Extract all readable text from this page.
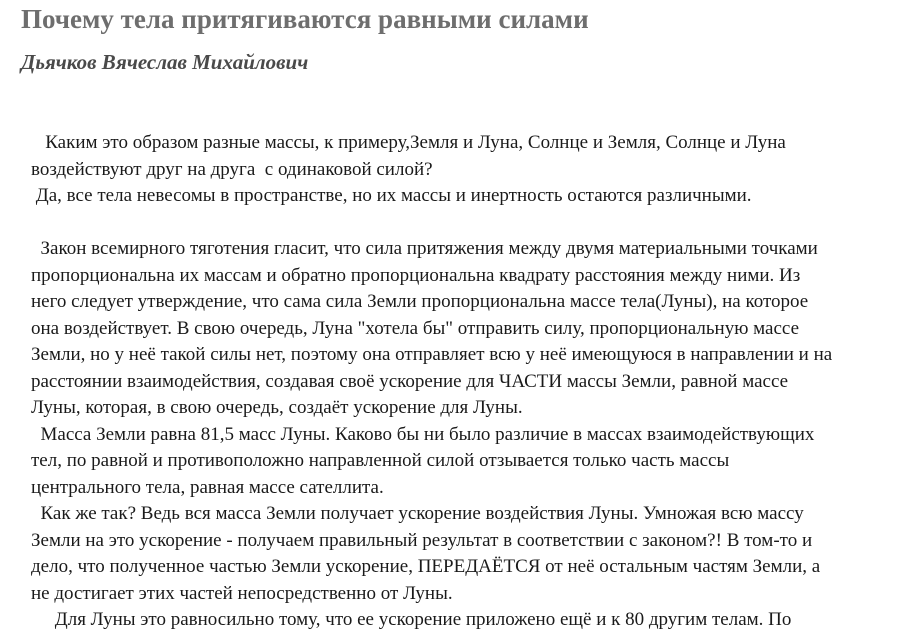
Почему тела притягиваются равными силами
Дьячков Вячеслав Михайлович
Каким это образом разные массы, к примеру,Земля и Луна, Солнце и Земля, Солнце и Луна
воздействуют друг на друга  с одинаковой силой?
Да, все тела невесомы в пространстве, но их массы и инертность остаются различными.
Закон всемирного тяготения гласит, что сила притяжения между двумя материальными точками
пропорциональна их массам и обратно пропорциональна квадрату расстояния между ними. Из
него следует утверждение, что сама сила Земли пропорциональна массе тела(Луны), на которое
она воздействует. В свою очередь, Луна "хотела бы" отправить силу, пропорциональную массе
Земли, но у неё такой силы нет, поэтому она отправляет всю у неё имеющуюся в направлении и на
расстоянии взаимодействия, создавая своё ускорение для ЧАСТИ массы Земли, равной массе
Луны, которая, в свою очередь, создаёт ускорение для Луны.
Масса Земли равна 81,5 масс Луны. Каково бы ни было различие в массах взаимодействующих
тел, по равной и противоположно направленной силой отзывается только часть массы
центрального тела, равная массе сателлита.
Как же так? Ведь вся масса Земли получает ускорение воздействия Луны. Умножая всю массу
Земли на это ускорение - получаем правильный результат в соответствии с законом?! В том-то и
дело, что полученное частью Земли ускорение, ПЕРЕДАЁТСЯ от неё остальным частям Земли, а
не достигает этих частей непосредственно от Луны.
Для Луны это равносильно тому, что ее ускорение приложено ещё и к 80 другим телам. По
